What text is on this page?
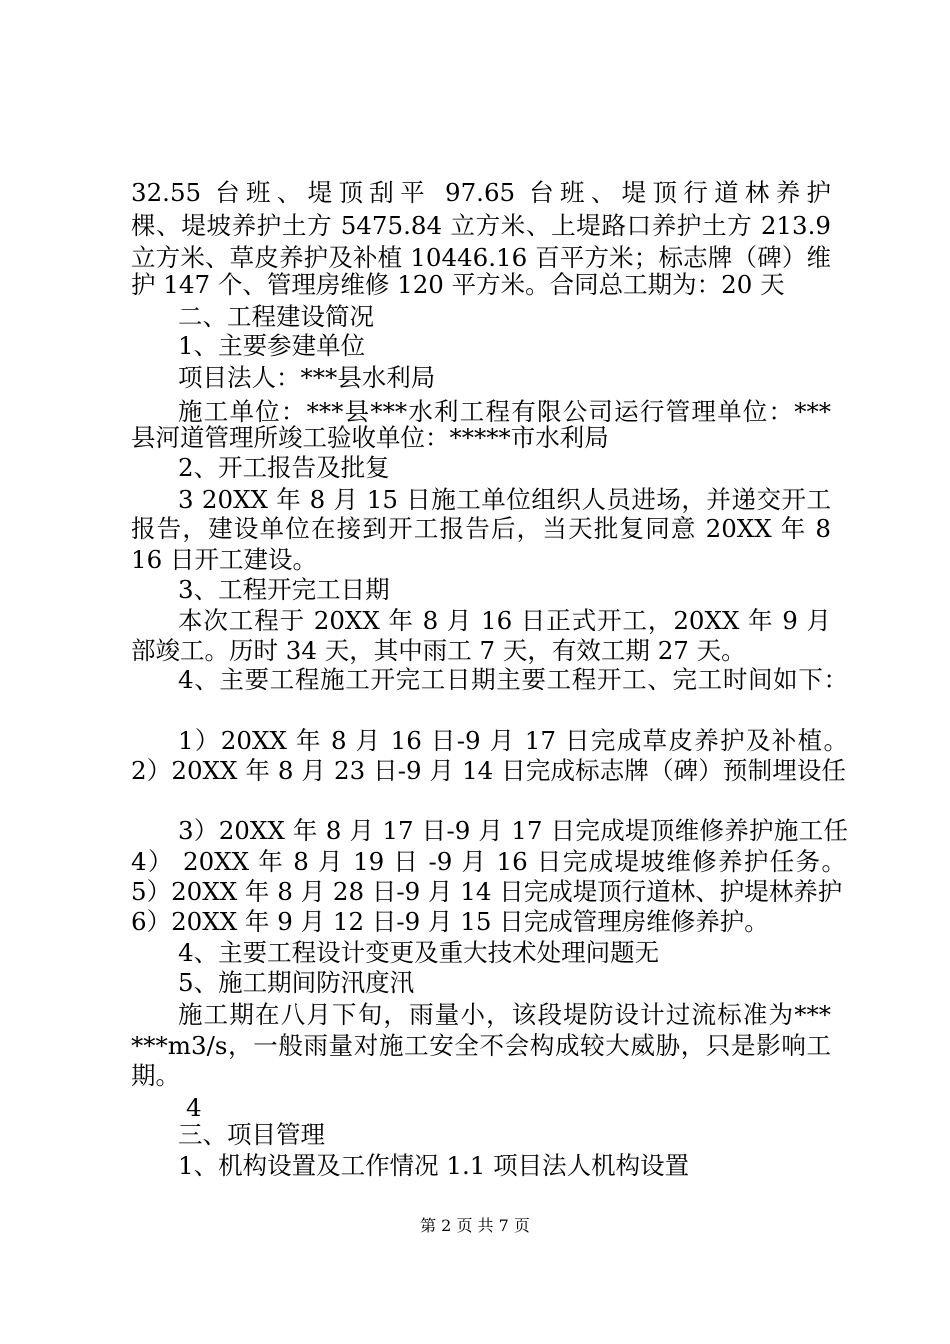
32.55 台班、堤顶刮平 97.65 台班、堤顶行道林养护
棵、堤坡养护土方 5475.84 立方米、上堤路口养护土方 213.9
立方米、草皮养护及补植 10446.16 百平方米；标志牌（碑）维
护 147 个、管理房维修 120 平方米。合同总工期为：20 天
二、工程建设简况
1、主要参建单位
项目法人：***县水利局
施工单位：***县***水利工程有限公司运行管理单位：***
县河道管理所竣工验收单位：*****市水利局
2、开工报告及批复
3 20XX 年 8 月 15 日施工单位组织人员进场，并递交开工
报告，建设单位在接到开工报告后，当天批复同意 20XX 年 8
16 日开工建设。
3、工程开完工日期
本次工程于 20XX 年 8 月 16 日正式开工，20XX 年 9 月
部竣工。历时 34 天，其中雨工 7 天，有效工期 27 天。
4、主要工程施工开完工日期主要工程开工、完工时间如下：
1）20XX 年 8 月 16 日-9 月 17 日完成草皮养护及补植。
2）20XX 年 8 月 23 日-9 月 14 日完成标志牌（碑）预制埋设任
3）20XX 年 8 月 17 日-9 月 17 日完成堤顶维修养护施工任
4） 20XX 年 8 月 19 日 -9 月 16 日完成堤坡维修养护任务。
5）20XX 年 8 月 28 日-9 月 14 日完成堤顶行道林、护堤林养护
6）20XX 年 9 月 12 日-9 月 15 日完成管理房维修养护。
4、主要工程设计变更及重大技术处理问题无
5、施工期间防汛度汛
施工期在八月下旬，雨量小，该段堤防设计过流标准为***
***m3/s，一般雨量对施工安全不会构成较大威胁，只是影响工
期。
4
三、项目管理
1、机构设置及工作情况 1.1 项目法人机构设置
第 2 页 共 7 页
